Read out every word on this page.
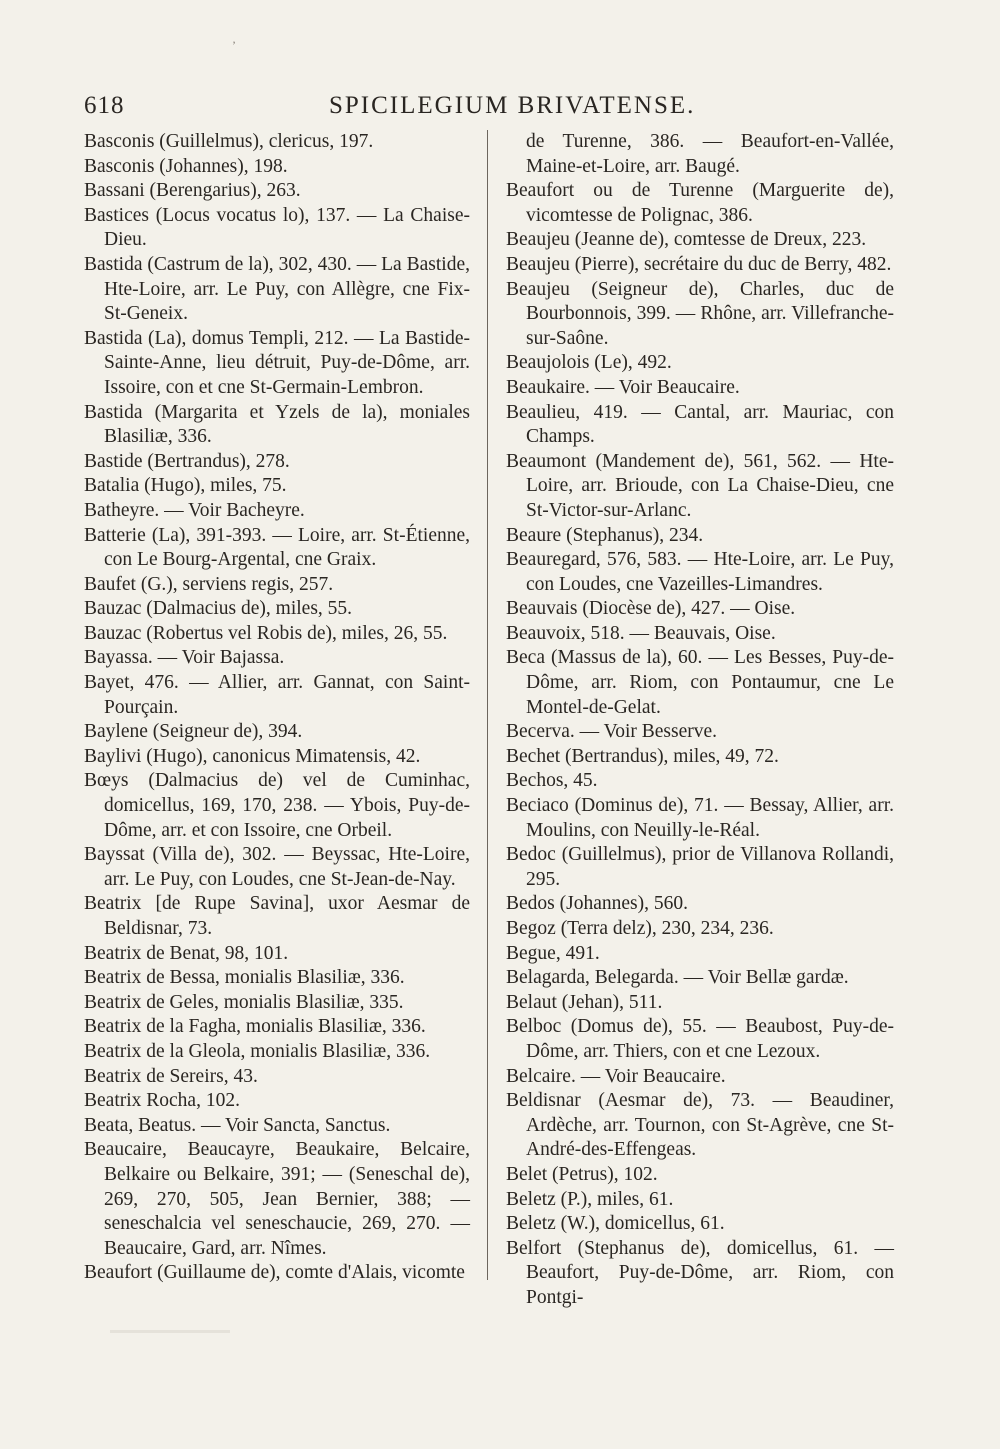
’
618	SPICILEGIUM BRIVATENSE.
Basconis (Guillelmus), clericus, 197.
Basconis (Johannes), 198.
Bassani (Berengarius), 263.
Bastices (Locus vocatus lo), 137. — La Chaise-Dieu.
Bastida (Castrum de la), 302, 430. — La Bastide, Hte-Loire, arr. Le Puy, con Allègre, cne Fix-St-Geneix.
Bastida (La), domus Templi, 212. — La Bastide-Sainte-Anne, lieu détruit, Puy-de-Dôme, arr. Issoire, con et cne St-Germain-Lembron.
Bastida (Margarita et Yzels de la), moniales Blasiliæ, 336.
Bastide (Bertrandus), 278.
Batalia (Hugo), miles, 75.
Batheyre. — Voir Bacheyre.
Batterie (La), 391-393. — Loire, arr. St-Étienne, con Le Bourg-Argental, cne Graix.
Baufet (G.), serviens regis, 257.
Bauzac (Dalmacius de), miles, 55.
Bauzac (Robertus vel Robis de), miles, 26, 55.
Bayassa. — Voir Bajassa.
Bayet, 476. — Allier, arr. Gannat, con Saint-Pourçain.
Baylene (Seigneur de), 394.
Baylivi (Hugo), canonicus Mimatensis, 42.
Bœys (Dalmacius de) vel de Cuminhac, domicellus, 169, 170, 238. — Ybois, Puy-de-Dôme, arr. et con Issoire, cne Orbeil.
Bayssat (Villa de), 302. — Beyssac, Hte-Loire, arr. Le Puy, con Loudes, cne St-Jean-de-Nay.
Beatrix [de Rupe Savina], uxor Aesmar de Beldisnar, 73.
Beatrix de Benat, 98, 101.
Beatrix de Bessa, monialis Blasiliæ, 336.
Beatrix de Geles, monialis Blasiliæ, 335.
Beatrix de la Fagha, monialis Blasiliæ, 336.
Beatrix de la Gleola, monialis Blasiliæ, 336.
Beatrix de Sereirs, 43.
Beatrix Rocha, 102.
Beata, Beatus. — Voir Sancta, Sanctus.
Beaucaire, Beaucayre, Beaukaire, Belcaire, Belkaire ou Belkaire, 391; — (Seneschal de), 269, 270, 505, Jean Bernier, 388; — seneschalcia vel seneschaucie, 269, 270. — Beaucaire, Gard, arr. Nîmes.
Beaufort (Guillaume de), comte d'Alais, vicomte
de Turenne, 386. — Beaufort-en-Vallée, Maine-et-Loire, arr. Baugé.
Beaufort ou de Turenne (Marguerite de), vicomtesse de Polignac, 386.
Beaujeu (Jeanne de), comtesse de Dreux, 223.
Beaujeu (Pierre), secrétaire du duc de Berry, 482.
Beaujeu (Seigneur de), Charles, duc de Bourbonnois, 399. — Rhône, arr. Villefranche-sur-Saône.
Beaujolois (Le), 492.
Beaukaire. — Voir Beaucaire.
Beaulieu, 419. — Cantal, arr. Mauriac, con Champs.
Beaumont (Mandement de), 561, 562. — Hte-Loire, arr. Brioude, con La Chaise-Dieu, cne St-Victor-sur-Arlanc.
Beaure (Stephanus), 234.
Beauregard, 576, 583. — Hte-Loire, arr. Le Puy, con Loudes, cne Vazeilles-Limandres.
Beauvais (Diocèse de), 427. — Oise.
Beauvoix, 518. — Beauvais, Oise.
Beca (Massus de la), 60. — Les Besses, Puy-de-Dôme, arr. Riom, con Pontaumur, cne Le Montel-de-Gelat.
Becerva. — Voir Besserve.
Bechet (Bertrandus), miles, 49, 72.
Bechos, 45.
Beciaco (Dominus de), 71. — Bessay, Allier, arr. Moulins, con Neuilly-le-Réal.
Bedoc (Guillelmus), prior de Villanova Rollandi, 295.
Bedos (Johannes), 560.
Begoz (Terra delz), 230, 234, 236.
Begue, 491.
Belagarda, Belegarda. — Voir Bellæ gardæ.
Belaut (Jehan), 511.
Belboc (Domus de), 55. — Beaubost, Puy-de-Dôme, arr. Thiers, con et cne Lezoux.
Belcaire. — Voir Beaucaire.
Beldisnar (Aesmar de), 73. — Beaudiner, Ardèche, arr. Tournon, con St-Agrève, cne St-André-des-Effengeas.
Belet (Petrus), 102.
Beletz (P.), miles, 61.
Beletz (W.), domicellus, 61.
Belfort (Stephanus de), domicellus, 61. — Beaufort, Puy-de-Dôme, arr. Riom, con Pontgi-
